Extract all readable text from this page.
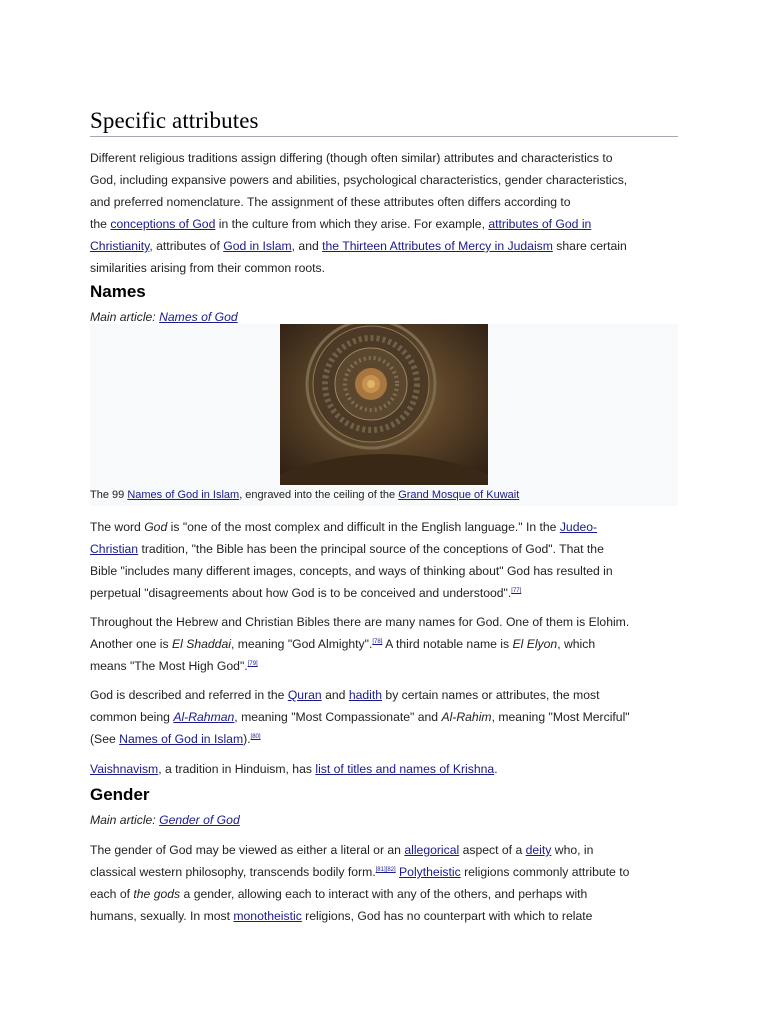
Specific attributes

Different religious traditions assign differing (though often similar) attributes and characteristics to
God, including expansive powers and abilities, psychological characteristics, gender characteristics,
and preferred nomenclature. The assignment of these attributes often differs according to
the conceptions of God in the culture from which they arise. For example, attributes of God in
Christianity, attributes of God in Islam, and the Thirteen Attributes of Mercy in Judaism share certain
similarities arising from their common roots.

Names
Main article: Names of God
The 99 Names of God in Islam, engraved into the ceiling of the Grand Mosque of Kuwait

The word God is "one of the most complex and difficult in the English language." In the Judeo-
Christian tradition, "the Bible has been the principal source of the conceptions of God". That the
Bible "includes many different images, concepts, and ways of thinking about" God has resulted in
perpetual "disagreements about how God is to be conceived and understood".[77]

Throughout the Hebrew and Christian Bibles there are many names for God. One of them is Elohim.
Another one is El Shaddai, meaning "God Almighty".[78] A third notable name is El Elyon, which
means "The Most High God".[79]

God is described and referred in the Quran and hadith by certain names or attributes, the most
common being Al-Rahman, meaning "Most Compassionate" and Al-Rahim, meaning "Most Merciful"
(See Names of God in Islam).[80]

Vaishnavism, a tradition in Hinduism, has list of titles and names of Krishna.

Gender
Main article: Gender of God

The gender of God may be viewed as either a literal or an allegorical aspect of a deity who, in
classical western philosophy, transcends bodily form.[81][82] Polytheistic religions commonly attribute to
each of the gods a gender, allowing each to interact with any of the others, and perhaps with
humans, sexually. In most monotheistic religions, God has no counterpart with which to relate
